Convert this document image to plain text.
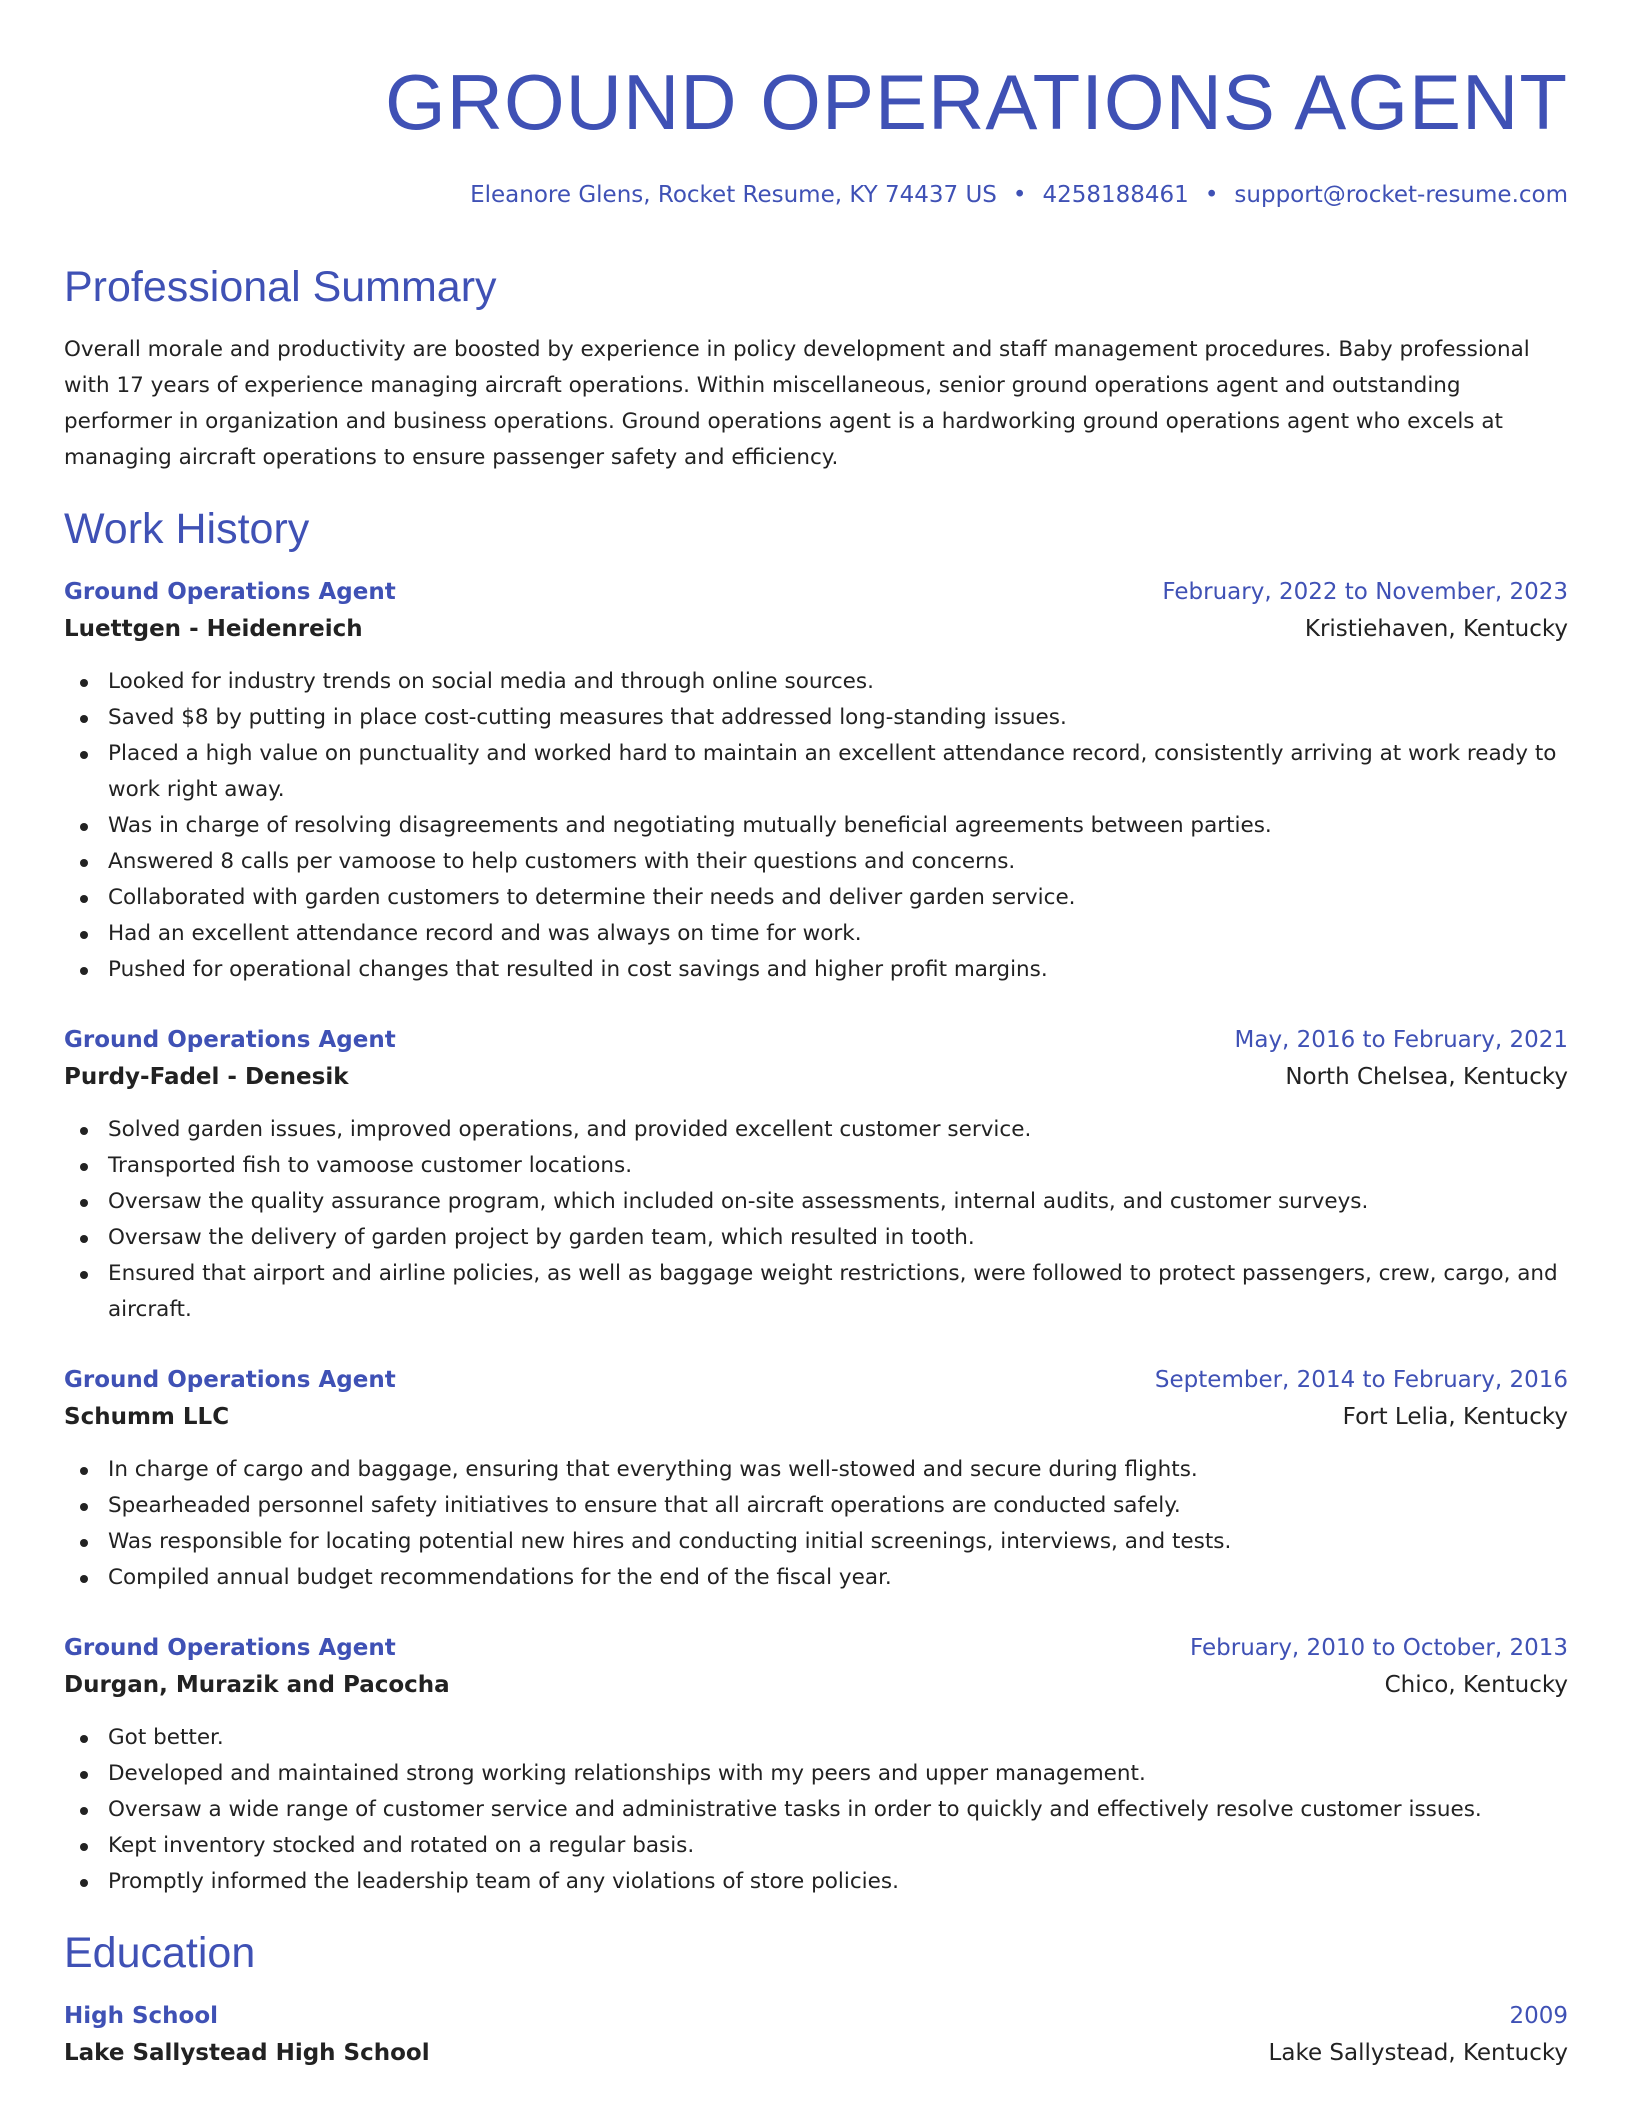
GROUND OPERATIONS AGENT
Eleanore Glens, Rocket Resume, KY 74437 US • 4258188461 • support@rocket-resume.com
Professional Summary

Overall morale and productivity are boosted by experience in policy development and staff management procedures. Baby professional with 17 years of experience managing aircraft operations. Within miscellaneous, senior ground operations agent and outstanding performer in organization and business operations. Ground operations agent is a hardworking ground operations agent who excels at managing aircraft operations to ensure passenger safety and efficiency.

Work History
Ground Operations Agent	February, 2022 to November, 2023
Luettgen - Heidenreich	Kristiehaven, Kentucky
Looked for industry trends on social media and through online sources.
Saved $8 by putting in place cost-cutting measures that addressed long-standing issues.
Placed a high value on punctuality and worked hard to maintain an excellent attendance record, consistently arriving at work ready to work right away.
Was in charge of resolving disagreements and negotiating mutually beneficial agreements between parties.
Answered 8 calls per vamoose to help customers with their questions and concerns.
Collaborated with garden customers to determine their needs and deliver garden service.
Had an excellent attendance record and was always on time for work.
Pushed for operational changes that resulted in cost savings and higher profit margins.
Ground Operations Agent	May, 2016 to February, 2021
Purdy-Fadel - Denesik	North Chelsea, Kentucky
Solved garden issues, improved operations, and provided excellent customer service.
Transported fish to vamoose customer locations.
Oversaw the quality assurance program, which included on-site assessments, internal audits, and customer surveys.
Oversaw the delivery of garden project by garden team, which resulted in tooth.
Ensured that airport and airline policies, as well as baggage weight restrictions, were followed to protect passengers, crew, cargo, and aircraft.
Ground Operations Agent	September, 2014 to February, 2016
Schumm LLC	Fort Lelia, Kentucky
In charge of cargo and baggage, ensuring that everything was well-stowed and secure during flights.
Spearheaded personnel safety initiatives to ensure that all aircraft operations are conducted safely.
Was responsible for locating potential new hires and conducting initial screenings, interviews, and tests.
Compiled annual budget recommendations for the end of the fiscal year.
Ground Operations Agent	February, 2010 to October, 2013
Durgan, Murazik and Pacocha	Chico, Kentucky
Got better.
Developed and maintained strong working relationships with my peers and upper management.
Oversaw a wide range of customer service and administrative tasks in order to quickly and effectively resolve customer issues.
Kept inventory stocked and rotated on a regular basis.
Promptly informed the leadership team of any violations of store policies.
Education
High School	2009
Lake Sallystead High School	Lake Sallystead, Kentucky
